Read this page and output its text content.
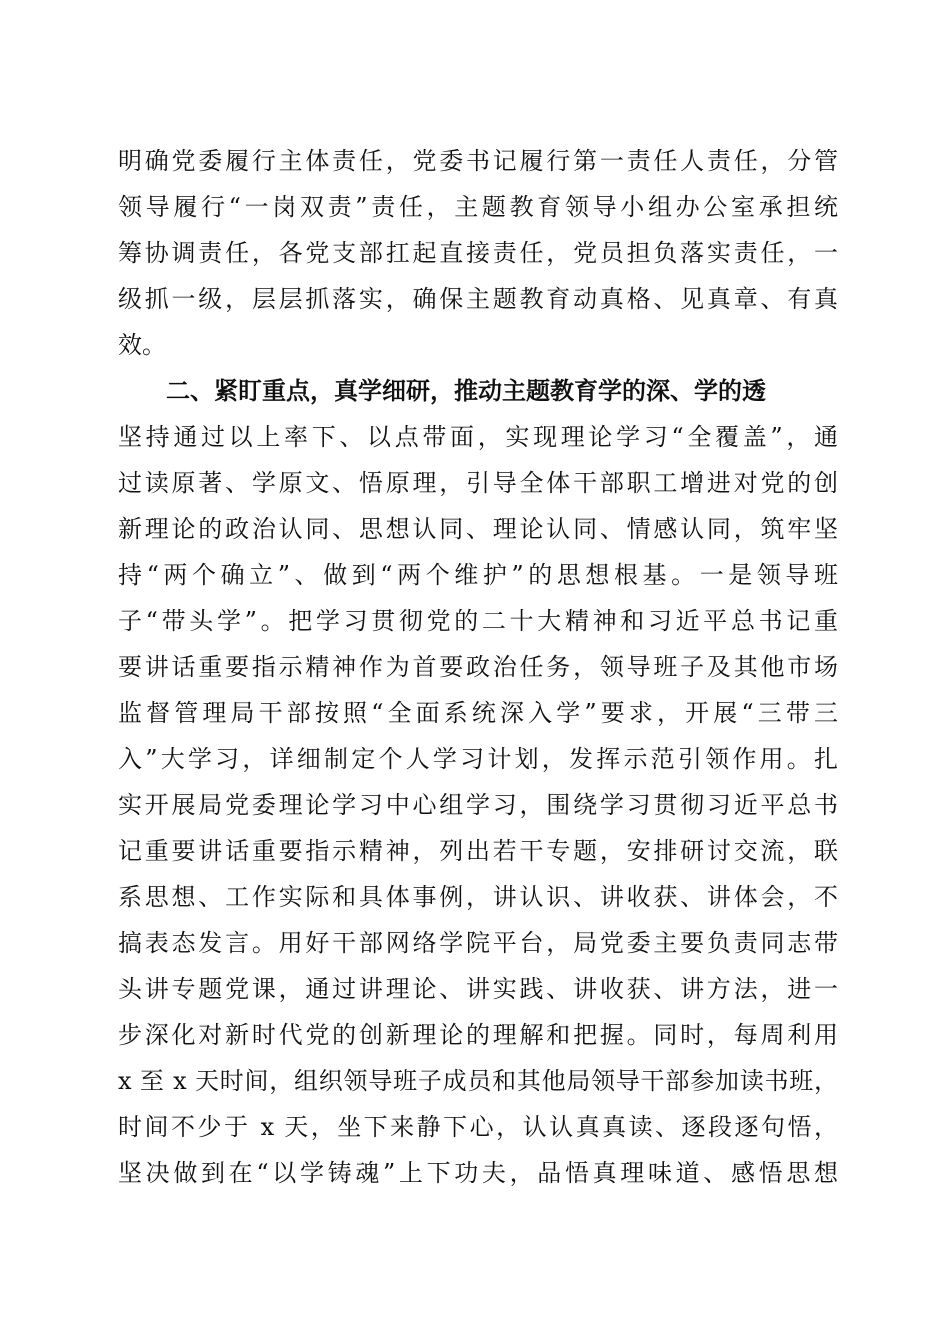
明确党委履行主体责任，党委书记履行第一责任人责任，分管
领导履行“一岗双责”责任，主题教育领导小组办公室承担统
筹协调责任，各党支部扛起直接责任，党员担负落实责任，一
级抓一级，层层抓落实，确保主题教育动真格、见真章、有真
效。
二、紧盯重点，真学细研，推动主题教育学的深、学的透
坚持通过以上率下、以点带面，实现理论学习“全覆盖”，通
过读原著、学原文、悟原理，引导全体干部职工增进对党的创
新理论的政治认同、思想认同、理论认同、情感认同，筑牢坚
持“两个确立”、做到“两个维护”的思想根基。一是领导班
子“带头学”。把学习贯彻党的二十大精神和习近平总书记重
要讲话重要指示精神作为首要政治任务，领导班子及其他市场
监督管理局干部按照“全面系统深入学”要求，开展“三带三
入”大学习，详细制定个人学习计划，发挥示范引领作用。扎
实开展局党委理论学习中心组学习，围绕学习贯彻习近平总书
记重要讲话重要指示精神，列出若干专题，安排研讨交流，联
系思想、工作实际和具体事例，讲认识、讲收获、讲体会，不
搞表态发言。用好干部网络学院平台，局党委主要负责同志带
头讲专题党课，通过讲理论、讲实践、讲收获、讲方法，进一
步深化对新时代党的创新理论的理解和把握。同时，每周利用
x 至 x 天时间，组织领导班子成员和其他局领导干部参加读书班，
时间不少于 x 天，坐下来静下心，认认真真读、逐段逐句悟，
坚决做到在“以学铸魂”上下功夫，品悟真理味道、感悟思想
